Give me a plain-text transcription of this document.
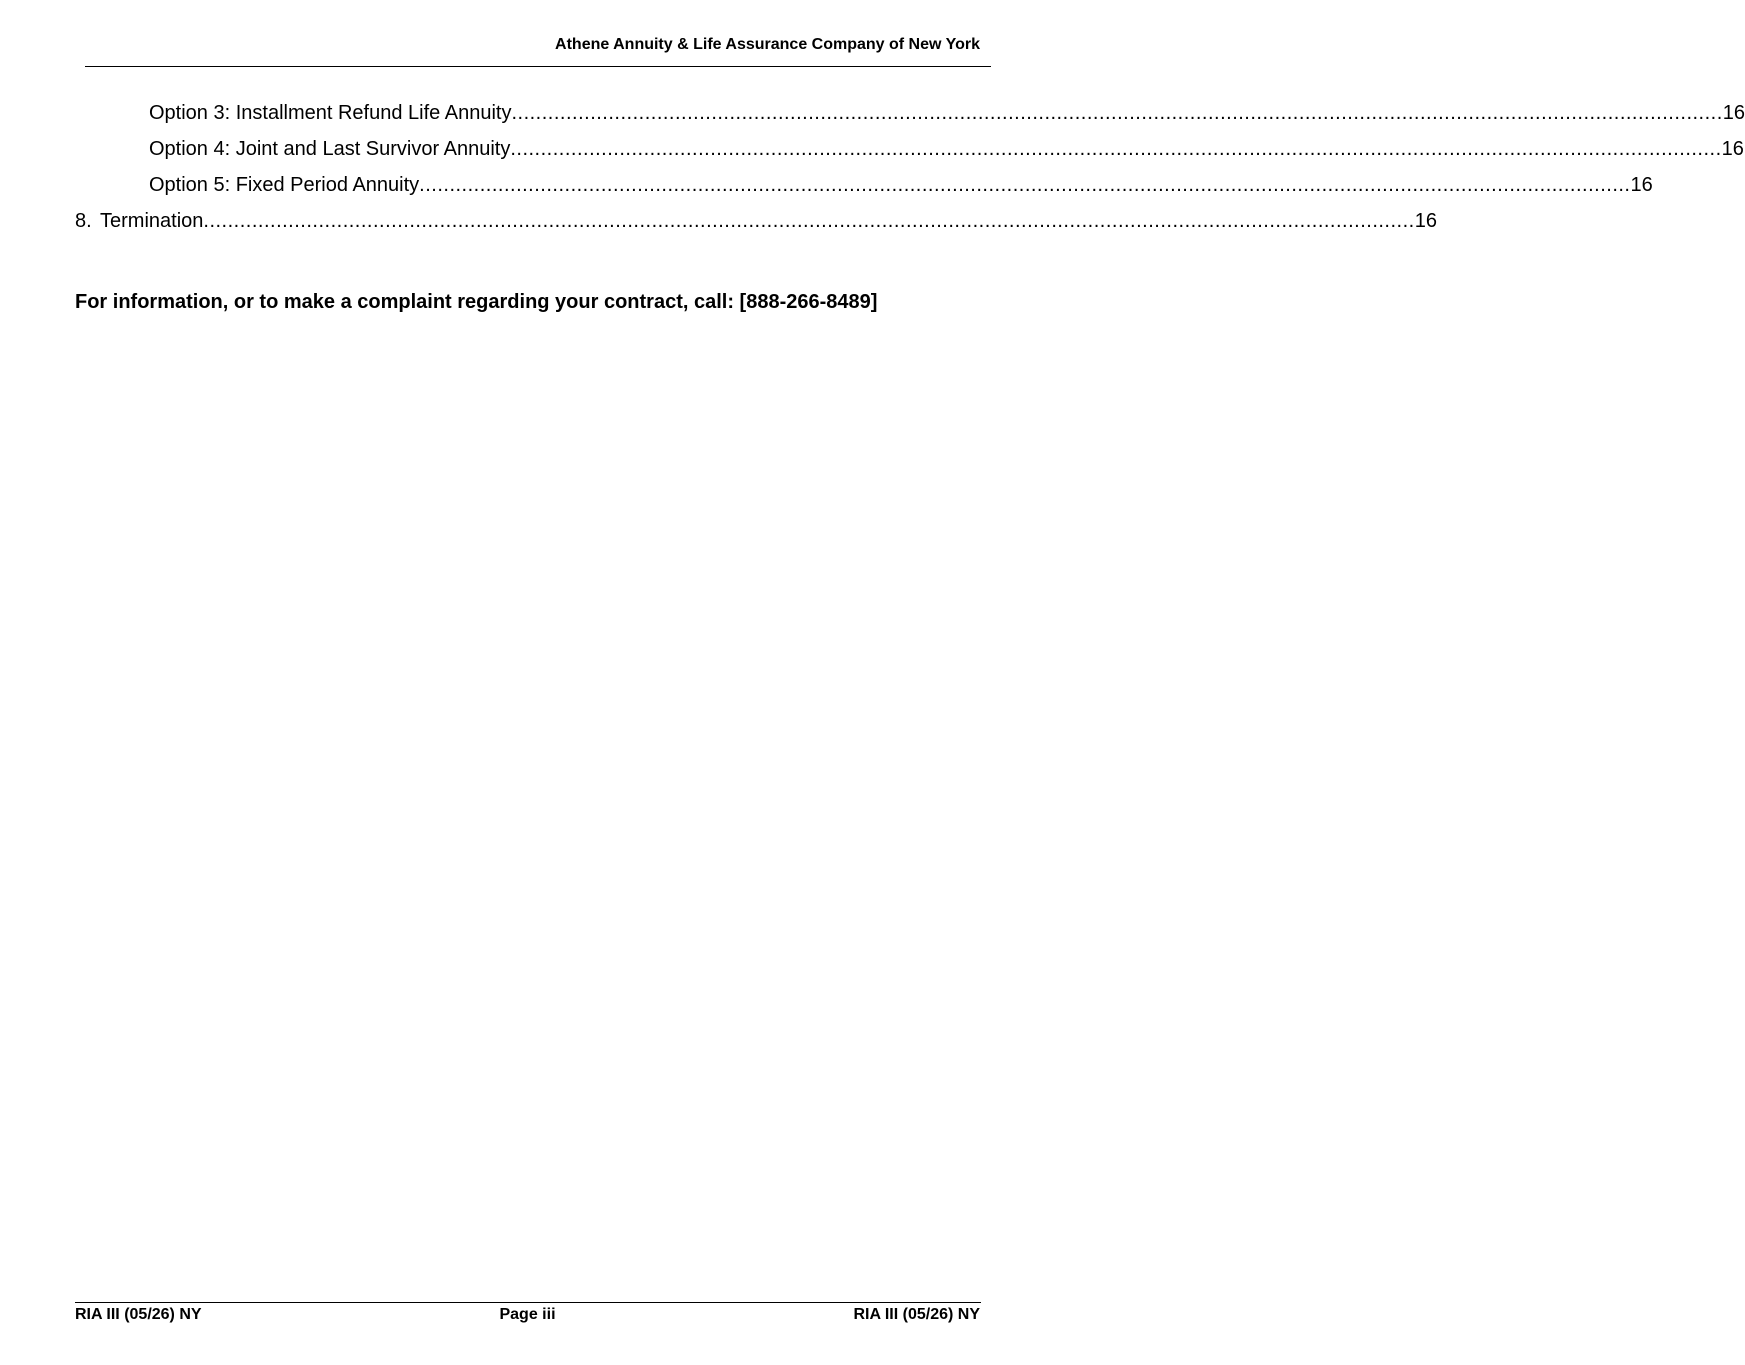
Athene Annuity & Life Assurance Company of New York
Option 3: Installment Refund Life Annuity ........................................................................................................................................................................................................ 16
Option 4: Joint and Last Survivor Annuity ........................................................................................................................................................................................................ 16
Option 5: Fixed Period Annuity ........................................................................................................................................................................................................ 16
8. Termination ........................................................................................................................................................................................................ 16
For information, or to make a complaint regarding your contract, call: [888-266-8489]
RIA III (05/26) NY	Page iii	RIA III (05/26) NY
